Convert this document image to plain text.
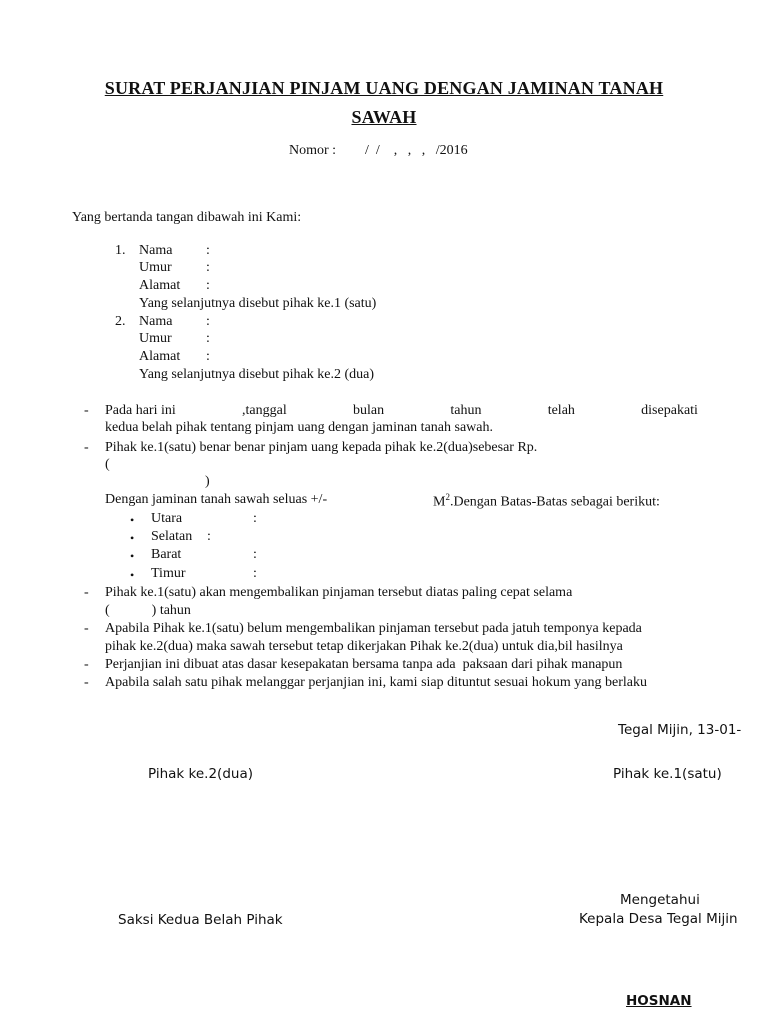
SURAT PERJANJIAN PINJAM UANG DENGAN JAMINAN TANAH
SAWAH
Nomor : /  /    ,   ,   ,   /2016
Yang bertanda tangan dibawah ini Kami:
1. Nama :
Umur :
Alamat :
Yang selanjutnya disebut pihak ke.1 (satu)
2. Nama :
Umur :
Alamat :
Yang selanjutnya disebut pihak ke.2 (dua)
- Pada hari ini	,tanggal	bulan	tahun	telah	disepakati
kedua belah pihak tentang pinjam uang dengan jaminan tanah sawah.
- Pihak ke.1(satu) benar benar pinjam uang kepada pihak ke.2(dua)sebesar Rp.
(
)
Dengan jaminan tanah sawah seluas +/-	$M^2.Dengan$ Batas-Batas sebagai berikut:
• Utara	:
• Selatan :
• Barat	:
• Timur	:
- Pihak ke.1(satu) akan mengembalikan pinjaman tersebut diatas paling cepat selama
(            ) tahun
- Apabila Pihak ke.1(satu) belum mengembalikan pinjaman tersebut pada jatuh temponya kepada
pihak ke.2(dua) maka sawah tersebut tetap dikerjakan Pihak ke.2(dua) untuk dia,bil hasilnya
- Perjanjian ini dibuat atas dasar kesepakatan bersama tanpa ada  paksaan dari pihak manapun
- Apabila salah satu pihak melanggar perjanjian ini, kami siap dituntut sesuai hokum yang berlaku
Tegal Mijin, 13-01-
Pihak ke.2(dua)	Pihak ke.1(satu)
Mengetahui
Kepala Desa Tegal Mijin
Saksi Kedua Belah Pihak
HOSNAN
